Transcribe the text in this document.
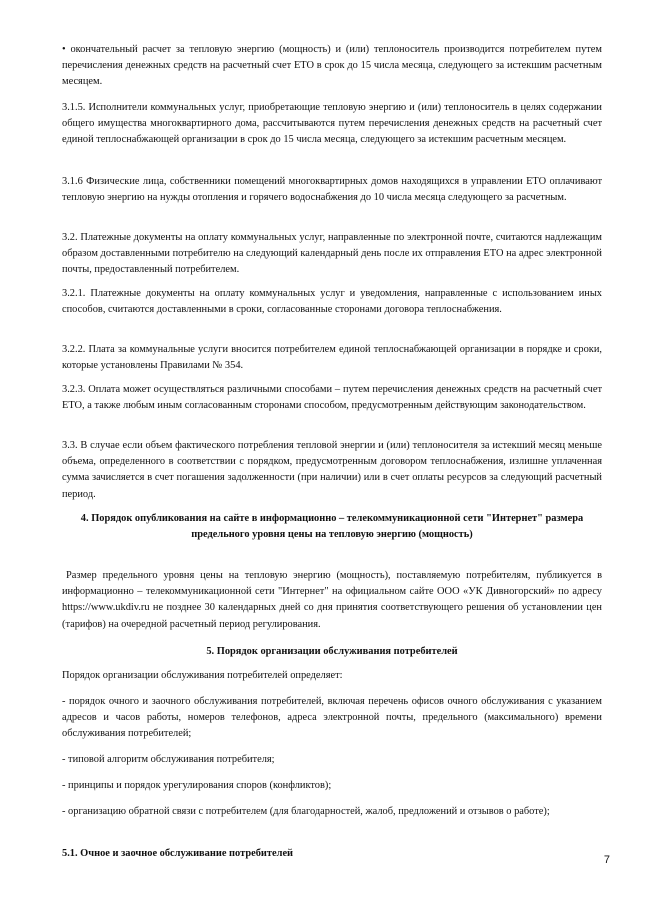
• окончательный расчет за тепловую энергию (мощность) и (или) теплоноситель производится потребителем путем перечисления денежных средств на расчетный счет ЕТО в срок до 15 числа месяца, следующего за истекшим расчетным месяцем.

3.1.5. Исполнители коммунальных услуг, приобретающие тепловую энергию и (или) теплоноситель в целях содержании общего имущества многоквартирного дома, рассчитываются путем перечисления денежных средств на расчетный счет единой теплоснабжающей организации в срок до 15 числа месяца, следующего за истекшим расчетным месяцем.

3.1.6 Физические лица, собственники помещений многоквартирных домов находящихся в управлении ЕТО оплачивают тепловую энергию на нужды отопления и горячего водоснабжения до 10 числа месяца следующего за расчетным.

3.2. Платежные документы на оплату коммунальных услуг, направленные по электронной почте, считаются надлежащим образом доставленными потребителю на следующий календарный день после их отправления ЕТО на адрес электронной почты, предоставленный потребителем.

3.2.1. Платежные документы на оплату коммунальных услуг и уведомления, направленные с использованием иных способов, считаются доставленными в сроки, согласованные сторонами договора теплоснабжения.

3.2.2. Плата за коммунальные услуги вносится потребителем единой теплоснабжающей организации в порядке и сроки, которые установлены Правилами № 354.

3.2.3. Оплата может осуществляться различными способами – путем перечисления денежных средств на расчетный счет ЕТО, а также любым иным согласованным сторонами способом, предусмотренным действующим законодательством.

3.3. В случае если объем фактического потребления тепловой энергии и (или) теплоносителя за истекший месяц меньше объема, определенного в соответствии с порядком, предусмотренным договором теплоснабжения, излишне уплаченная сумма зачисляется в счет погашения задолженности (при наличии) или в счет оплаты ресурсов за следующий расчетный период.

4. Порядок опубликования на сайте в информационно – телекоммуникационной сети "Интернет" размера предельного уровня цены на тепловую энергию (мощность)

Размер предельного уровня цены на тепловую энергию (мощность), поставляемую потребителям, публикуется в информационно – телекоммуникационной сети "Интернет" на официальном сайте ООО «УК Дивногорский» по адресу https://www.ukdiv.ru не позднее 30 календарных дней со дня принятия соответствующего решения об установлении цен (тарифов) на очередной расчетный период регулирования.

5. Порядок организации обслуживания потребителей

Порядок организации обслуживания потребителей определяет:

- порядок очного и заочного обслуживания потребителей, включая перечень офисов очного обслуживания с указанием адресов и часов работы, номеров телефонов, адреса электронной почты, предельного (максимального) времени обслуживания потребителей;

- типовой алгоритм обслуживания потребителя;

- принципы и порядок урегулирования споров (конфликтов);

- организацию обратной связи с потребителем (для благодарностей, жалоб, предложений и отзывов о работе);

5.1. Очное и заочное обслуживание потребителей

7
